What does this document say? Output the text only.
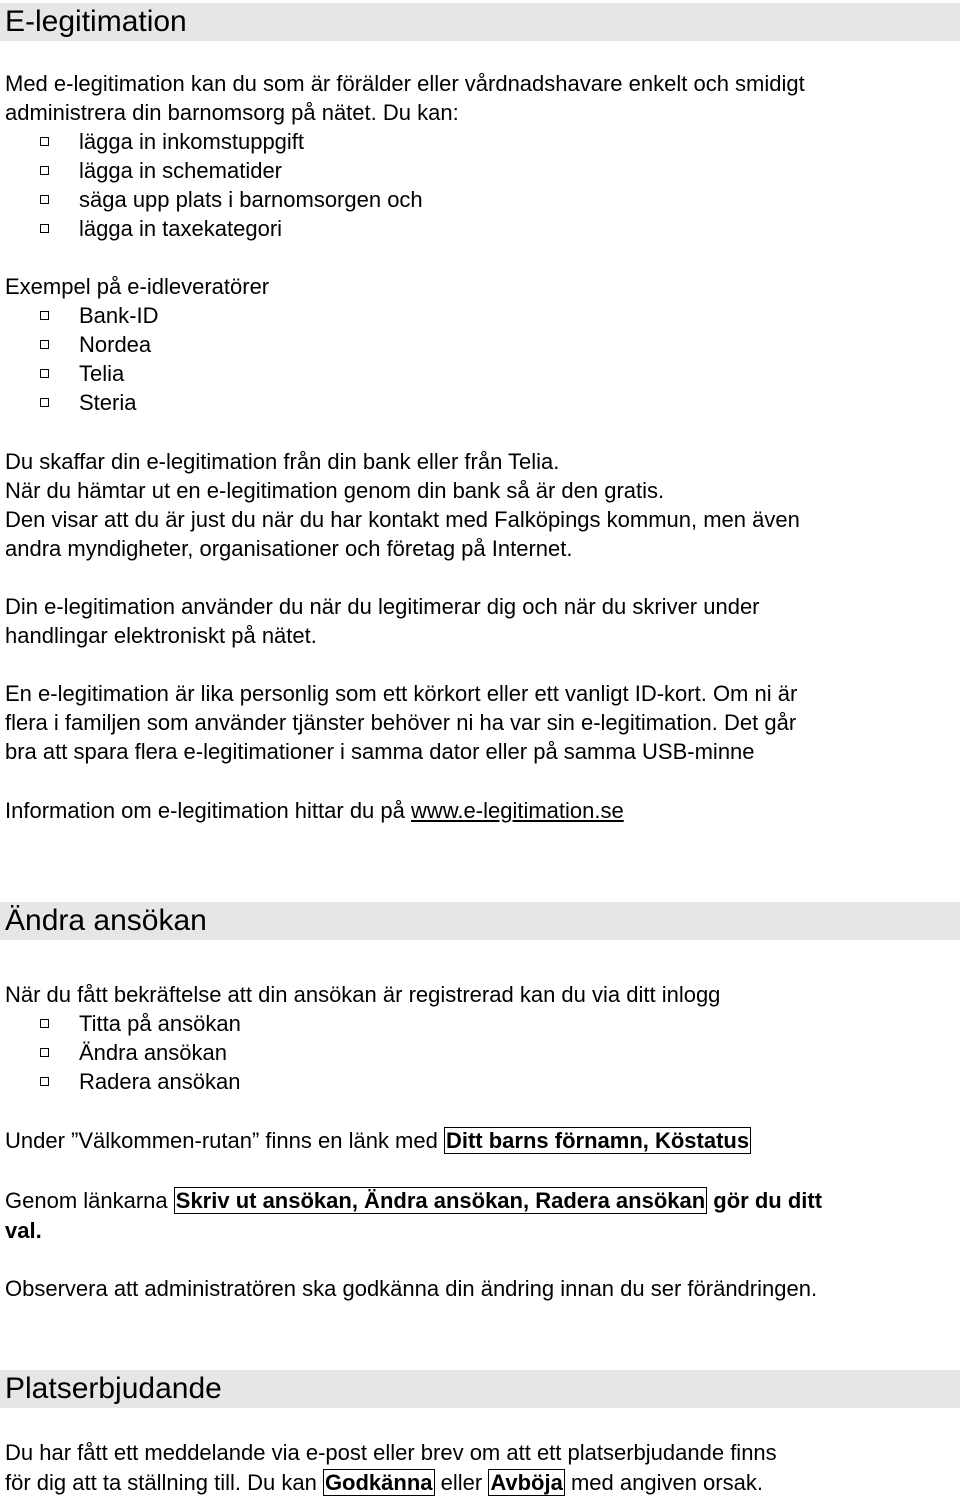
E-legitimation
Med e-legitimation kan du som är förälder eller vårdnadshavare enkelt och smidigt
administrera din barnomsorg på nätet. Du kan:
lägga in inkomstuppgift
lägga in schematider
säga upp plats i barnomsorgen och
lägga in taxekategori
Exempel på e-idleveratörer
Bank-ID
Nordea
Telia
Steria
Du skaffar din e-legitimation från din bank eller från Telia.
När du hämtar ut en e-legitimation genom din bank så är den gratis.
Den visar att du är just du när du har kontakt med Falköpings kommun, men även
andra myndigheter, organisationer och företag på Internet.
Din e-legitimation använder du när du legitimerar dig och när du skriver under
handlingar elektroniskt på nätet.
En e-legitimation är lika personlig som ett körkort eller ett vanligt ID-kort. Om ni är
flera i familjen som använder tjänster behöver ni ha var sin e-legitimation. Det går
bra att spara flera e-legitimationer i samma dator eller på samma USB-minne
Information om e-legitimation hittar du på www.e-legitimation.se
Ändra ansökan
När du fått bekräftelse att din ansökan är registrerad kan du via ditt inlogg
Titta på ansökan
Ändra ansökan
Radera ansökan
Under ”Välkommen-rutan” finns en länk med Ditt barns förnamn, Köstatus
Genom länkarna Skriv ut ansökan, Ändra ansökan, Radera ansökan gör du ditt
val.
Observera att administratören ska godkänna din ändring innan du ser förändringen.
Platserbjudande
Du har fått ett meddelande via e-post eller brev om att ett platserbjudande finns
för dig att ta ställning till. Du kan Godkänna eller Avböja med angiven orsak.
